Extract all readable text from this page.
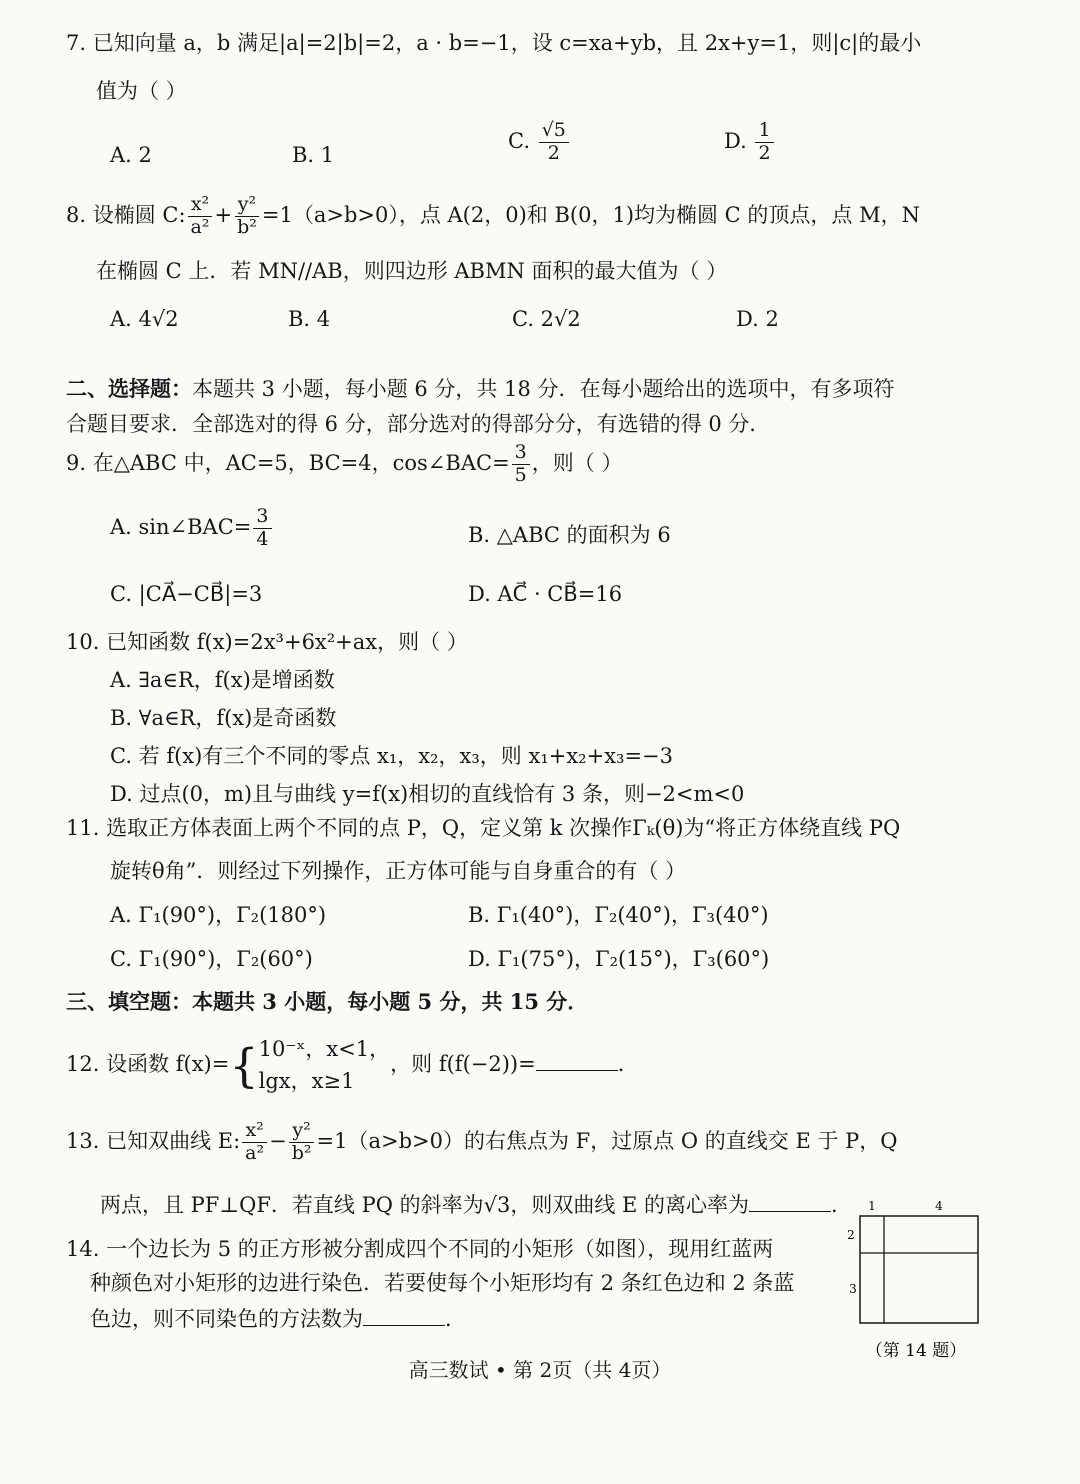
7. 已知向量 a，b 满足|a|=2|b|=2，a · b=−1，设 c=xa+yb，且 2x+y=1，则|c|的最小
值为（ ）
A. 2	B. 1
C. $\frac{√5}{2}$	D. $\frac{1}{2}$
8. 设椭圆 C: $\frac{\text{x²}}{\text{a²}} + \frac{\text{y²}}{\text{b²}} =1(a>b>0)$，点 A(2，0)和 B(0，1)均为椭圆 C 的顶点，点 M，N
在椭圆 C 上．若 MN//AB，则四边形 ABMN 面积的最大值为（ ）
A. 4√2	B. 4	C. 2√2	D. 2
二、选择题：本题共 3 小题，每小题 6 分，共 18 分．在每小题给出的选项中，有多项符
合题目要求．全部选对的得 6 分，部分选对的得部分分，有选错的得 0 分．
9. 在△ABC 中，AC=5，BC=4，cos∠BAC= $\frac{3}{5}$ ，则（ ）
A. sin∠BAC= $\frac{3}{4}$	B. △ABC 的面积为 6
C. |CA⃗−CB⃗|=3	D. AC⃗ · CB⃗=16
10. 已知函数 f(x)=2x³+6x²+ax，则（ ）
A. ∃a∈R，f(x)是增函数
B. ∀a∈R，f(x)是奇函数
C. 若 f(x)有三个不同的零点 x₁，x₂，x₃，则 x₁+x₂+x₃=−3
D. 过点(0，m)且与曲线 y=f(x)相切的直线恰有 3 条，则−2<m<0
11. 选取正方体表面上两个不同的点 P，Q，定义第 k 次操作Γₖ(θ)为“将正方体绕直线 PQ
旋转θ角”．则经过下列操作，正方体可能与自身重合的有（ ）
A. Γ₁(90°)，Γ₂(180°)	B. Γ₁(40°)，Γ₂(40°)，Γ₃(40°)
C. Γ₁(90°)，Γ₂(60°)	D. Γ₁(75°)，Γ₂(15°)，Γ₃(60°)
三、填空题：本题共 3 小题，每小题 5 分，共 15 分．
12. 设函数 f(x)={ 10⁻ˣ，x<1，
lgx，x≥1
，则 f(f(−2))=	．
13. 已知双曲线 E: $\frac{\text{x²}}{\text{a²}} - \frac{\text{y²}}{\text{b²}} =1(a>b>0)$的右焦点为 F，过原点 O 的直线交 E 于 P，Q
两点，且 PF⊥QF．若直线 PQ 的斜率为√3，则双曲线 E 的离心率为	．
14. 一个边长为 5 的正方形被分割成四个不同的小矩形（如图），现用红蓝两
种颜色对小矩形的边进行染色．若要使每个小矩形均有 2 条红色边和 2 条蓝
色边，则不同染色的方法数为	．
1	4
2
3
（第 14 题）
高三数试 • 第 2页（共 4页）
